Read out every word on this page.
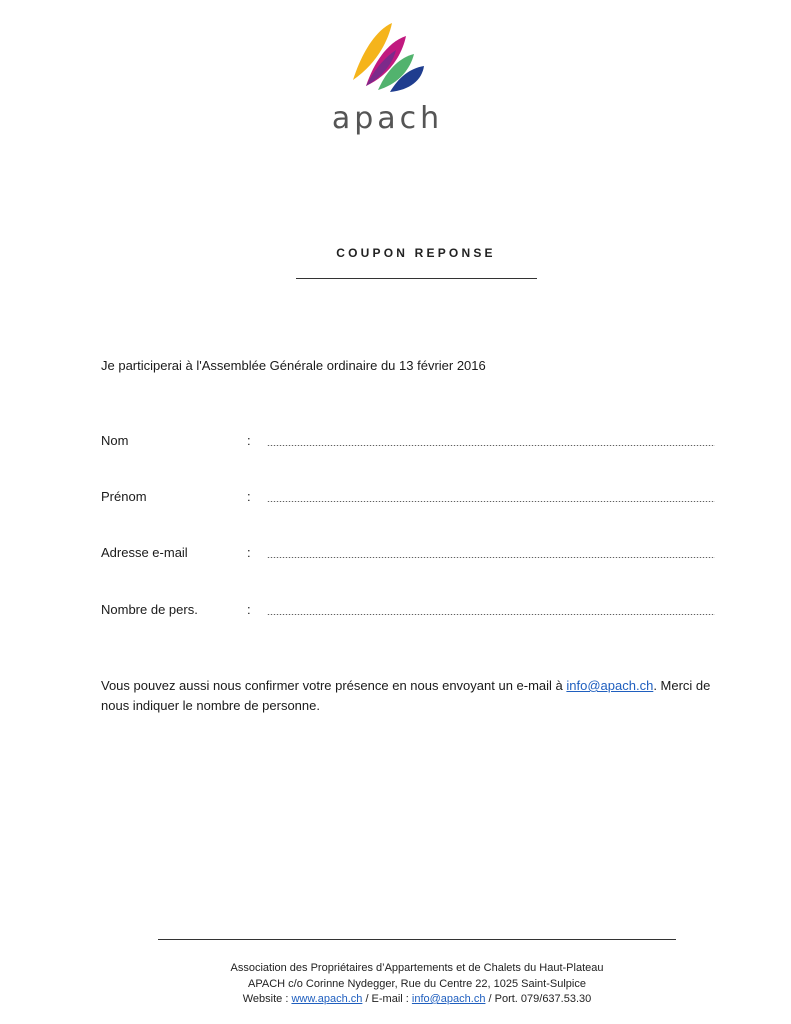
apach
COUPON REPONSE
Je participerai à l'Assemblée Générale ordinaire du 13 février 2016
Nom	:
Prénom	:
Adresse e-mail	:
Nombre de pers.	:
Vous pouvez aussi nous confirmer votre présence en nous envoyant un e-mail à info@apach.ch. Merci de nous indiquer le nombre de personne.
Association des Propriétaires d’Appartements et de Chalets du Haut-Plateau
APACH c/o Corinne Nydegger, Rue du Centre 22, 1025 Saint-Sulpice
Website : www.apach.ch / E-mail : info@apach.ch / Port. 079/637.53.30
